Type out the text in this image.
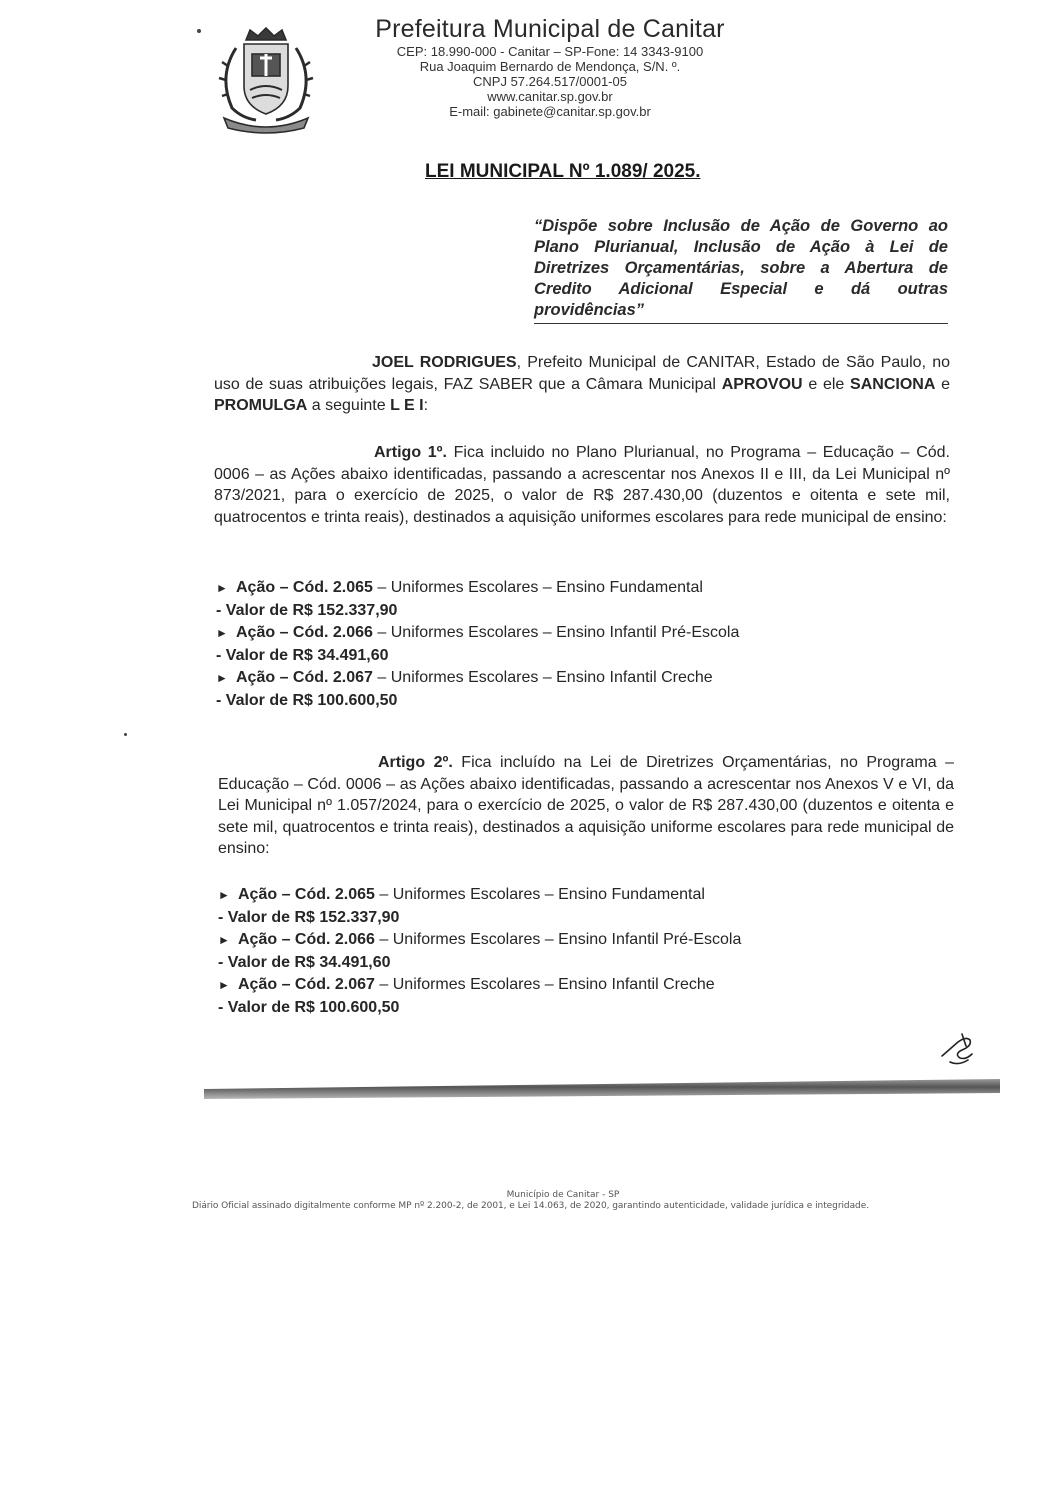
Prefeitura Municipal de Canitar
CEP: 18.990-000 - Canitar – SP-Fone: 14 3343-9100
Rua Joaquim Bernardo de Mendonça, S/N. º.
CNPJ 57.264.517/0001-05
www.canitar.sp.gov.br
E-mail: gabinete@canitar.sp.gov.br
LEI MUNICIPAL Nº 1.089/ 2025.
“Dispõe sobre Inclusão de Ação de Governo ao Plano Plurianual, Inclusão de Ação à Lei de Diretrizes Orçamentárias, sobre a Abertura de Credito Adicional Especial e dá outras providências”
JOEL RODRIGUES, Prefeito Municipal de CANITAR, Estado de São Paulo, no uso de suas atribuições legais, FAZ SABER que a Câmara Municipal APROVOU e ele SANCIONA e PROMULGA a seguinte L E I:
Artigo 1º. Fica incluido no Plano Plurianual, no Programa – Educação – Cód. 0006 – as Ações abaixo identificadas, passando a acrescentar nos Anexos II e III, da Lei Municipal nº 873/2021, para o exercício de 2025, o valor de R$ 287.430,00 (duzentos e oitenta e sete mil, quatrocentos e trinta reais), destinados a aquisição uniformes escolares para rede municipal de ensino:
► Ação – Cód. 2.065 – Uniformes Escolares – Ensino Fundamental
- Valor de R$ 152.337,90
► Ação – Cód. 2.066 – Uniformes Escolares – Ensino Infantil Pré-Escola
- Valor de R$ 34.491,60
► Ação – Cód. 2.067 – Uniformes Escolares – Ensino Infantil Creche
- Valor de R$ 100.600,50
Artigo 2º. Fica incluído na Lei de Diretrizes Orçamentárias, no Programa – Educação – Cód. 0006 – as Ações abaixo identificadas, passando a acrescentar nos Anexos V e VI, da Lei Municipal nº 1.057/2024, para o exercício de 2025, o valor de R$ 287.430,00 (duzentos e oitenta e sete mil, quatrocentos e trinta reais), destinados a aquisição uniforme escolares para rede municipal de ensino:
► Ação – Cód. 2.065 – Uniformes Escolares – Ensino Fundamental
- Valor de R$ 152.337,90
► Ação – Cód. 2.066 – Uniformes Escolares – Ensino Infantil Pré-Escola
- Valor de R$ 34.491,60
► Ação – Cód. 2.067 – Uniformes Escolares – Ensino Infantil Creche
- Valor de R$ 100.600,50
Município de Canitar - SP
Diário Oficial assinado digitalmente conforme MP nº 2.200-2, de 2001, e Lei 14.063, de 2020, garantindo autenticidade, validade jurídica e integridade.
